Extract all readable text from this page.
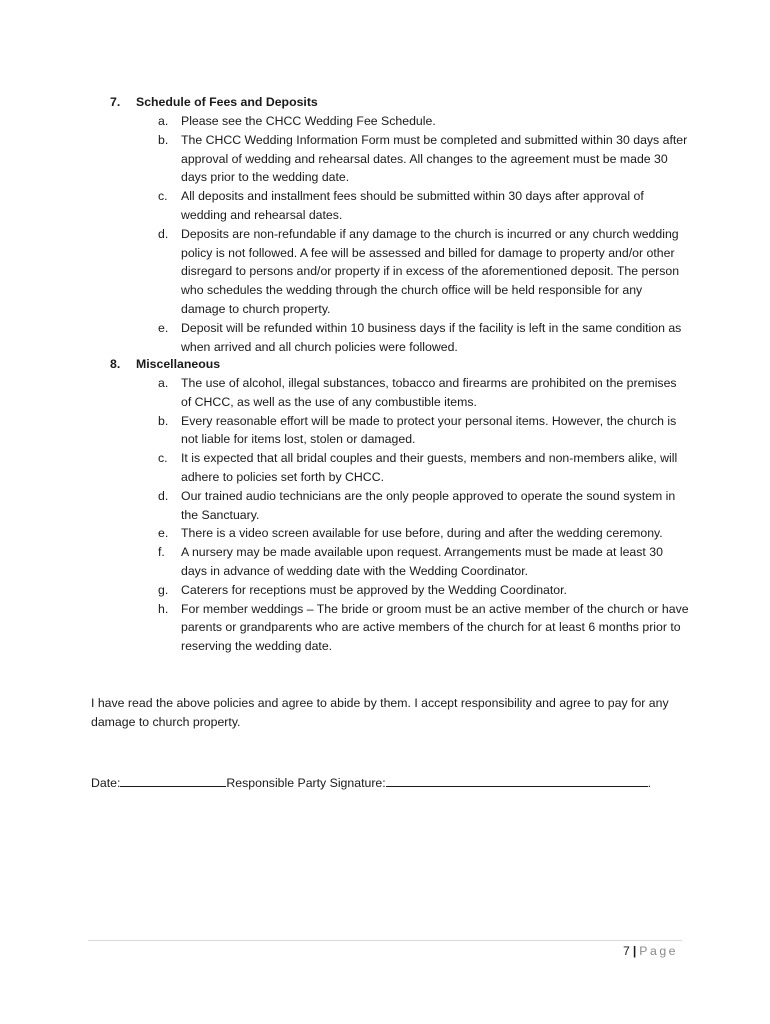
7. Schedule of Fees and Deposits
a. Please see the CHCC Wedding Fee Schedule.
b. The CHCC Wedding Information Form must be completed and submitted within 30 days after approval of wedding and rehearsal dates. All changes to the agreement must be made 30 days prior to the wedding date.
c. All deposits and installment fees should be submitted within 30 days after approval of wedding and rehearsal dates.
d. Deposits are non-refundable if any damage to the church is incurred or any church wedding policy is not followed. A fee will be assessed and billed for damage to property and/or other disregard to persons and/or property if in excess of the aforementioned deposit. The person who schedules the wedding through the church office will be held responsible for any damage to church property.
e. Deposit will be refunded within 10 business days if the facility is left in the same condition as when arrived and all church policies were followed.
8. Miscellaneous
a. The use of alcohol, illegal substances, tobacco and firearms are prohibited on the premises of CHCC, as well as the use of any combustible items.
b. Every reasonable effort will be made to protect your personal items. However, the church is not liable for items lost, stolen or damaged.
c. It is expected that all bridal couples and their guests, members and non-members alike, will adhere to policies set forth by CHCC.
d. Our trained audio technicians are the only people approved to operate the sound system in the Sanctuary.
e. There is a video screen available for use before, during and after the wedding ceremony.
f. A nursery may be made available upon request. Arrangements must be made at least 30 days in advance of wedding date with the Wedding Coordinator.
g. Caterers for receptions must be approved by the Wedding Coordinator.
h. For member weddings – The bride or groom must be an active member of the church or have parents or grandparents who are active members of the church for at least 6 months prior to reserving the wedding date.
I have read the above policies and agree to abide by them. I accept responsibility and agree to pay for any damage to church property.
Date:	Responsible Party Signature:	.
7 | Page
